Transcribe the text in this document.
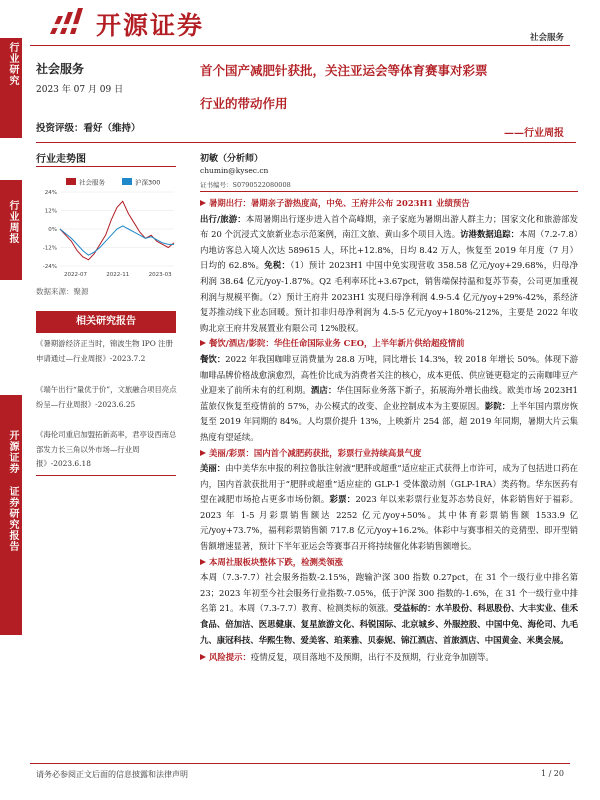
行业研究
行业周报
开源证券 证券研究报告
开源证券	社会服务
社会服务
2023 年 07 月 09 日
投资评级：看好（维持）
行业走势图
社会服务	沪深300
24%
12%
0%
-12%
-24%
2022-07	2022-11	2023-03
数据来源：聚源
相关研究报告
《暑期游经济正当时，锦波生物 IPO 注册申请通过—行业周报》-2023.7.2
《端午出行“量优于价”，文旅融合项目亮点纷呈—行业周报》-2023.6.25
《海伦司重启加盟拓新高率，君亭设西南总部发力长三角以外市场—行业周报》-2023.6.18
首个国产减肥针获批，关注亚运会等体育赛事对彩票
行业的带动作用
——行业周报
初敏（分析师）
chumin@kysec.cn
证书编号：S0790522080008
暑期出行：暑期亲子游热度高，中免、王府井公布 2023H1 业绩预告
出行/旅游：本周暑期出行逐步进入首个高峰期，亲子家庭为暑期出游人群主力；国家文化和旅游部发布 20 个沉浸式文旅新业态示范案例，南江文旅、黄山多个项目入选。访港数据追踪：本周（7.2-7.8）内地访客总入境人次达 589615 人，环比+12.8%，日均 8.42 万人，恢复至 2019 年月度（7 月）日均的 62.8%。免税：（1）预计 2023H1 中国中免实现营收 358.58 亿元/yoy+29.68%，归母净利润 38.64 亿元/yoy-1.87%。Q2 毛利率环比+3.67pct，销售端保持温和复苏节奏，公司更加重视利润与规模平衡。（2）预计王府井 2023H1 实现归母净利润 4.9-5.4 亿元/yoy+29%-42%，系经济复苏推动线下业态回暖。预计扣非归母净利润为 4.5-5 亿元/yoy+180%-212%，主要是 2022 年收购北京王府井发展置业有限公司 12%股权。
餐饮/酒店/影院：华住任命国际业务 CEO，上半年新片供给超疫情前
餐饮：2022 年我国咖啡豆消费量为 28.8 万吨，同比增长 14.3%，较 2018 年增长 50%。体现下游咖啡品牌价格战愈演愈烈，高性价比成为消费者关注的核心，成本更低、供应链更稳定的云南咖啡豆产业迎来了前所未有的红利期。酒店：华住国际业务落下新子，拓展海外增长曲线。欧美市场 2023H1 蓝旅仅恢复至疫情前的 57%，办公模式的改变、企业控制成本为主要原因。影院：上半年国内票房恢复至 2019 年同期的 84%。人均票价提升 13%，上映新片 254 部，超 2019 年同期，暑期大片云集热度有望延续。
美丽/彩票：国内首个减肥药获批，彩票行业持续高景气度
美丽：由中美华东申报的利拉鲁肽注射液“肥胖或超重”适应症正式获得上市许可，成为了包括进口药在内，国内首款获批用于“肥胖或超重”适应症的 GLP-1 受体激动剂（GLP-1RA）类药物。华东医药有望在减肥市场抢占更多市场份额。彩票：2023 年以来彩票行业复苏态势良好，体彩销售好于福彩。2023 年 1-5 月彩票销售额达 2252 亿元/yoy+50%。其中体育彩票销售额 1533.9 亿元/yoy+73.7%，福利彩票销售额 717.8 亿元/yoy+16.2%。体彩中与赛事相关的竞猜型、即开型销售额增速显著，预计下半年亚运会等赛事召开将持续催化体彩销售额增长。
本周社服板块整体下跌，检测类领涨
本周（7.3-7.7）社会服务指数-2.15%，跑输沪深 300 指数 0.27pct，在 31 个一级行业中排名第 23；2023 年初至今社会服务行业指数-7.05%，低于沪深 300 指数的-1.6%，在 31 个一级行业中排名第 21。本周（7.3-7.7）教育、检测类标的领涨。受益标的：水羊股份、科思股份、大丰实业、佳禾食品、倍加洁、医思健康、复星旅游文化、科锐国际、北京城乡、外服控股、中国中免、海伦司、九毛九、康冠科技、华熙生物、爱美客、珀莱雅、贝泰妮、锦江酒店、首旅酒店、中国黄金、米奥会展。
风险提示：疫情反复，项目落地不及预期，出行不及预期，行业竞争加剧等。
请务必参阅正文后面的信息披露和法律声明	1 / 20
